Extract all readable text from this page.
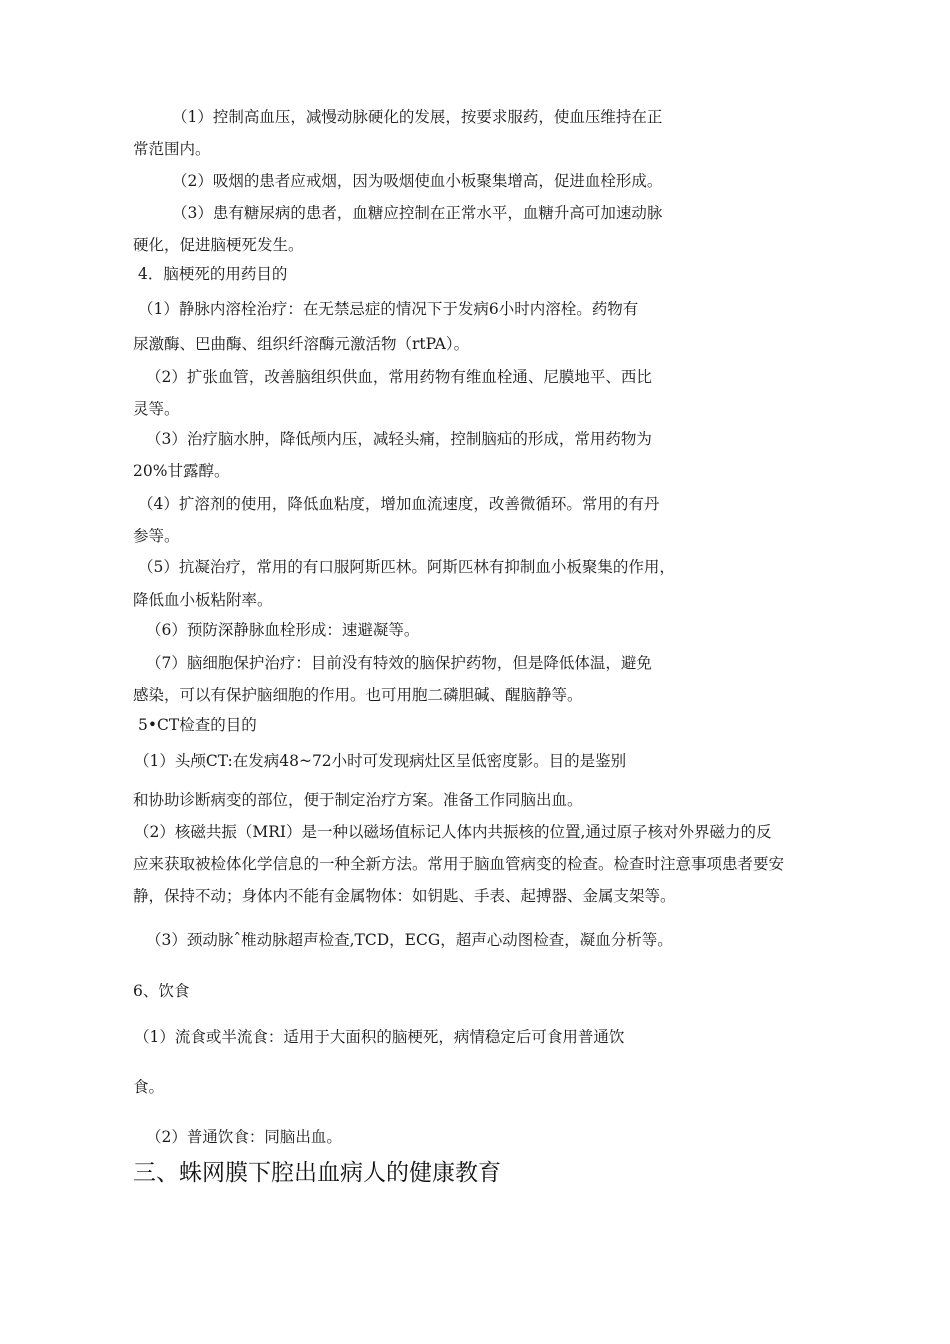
（1）控制高血压，减慢动脉硬化的发展，按要求服药，使血压维持在正
常范围内。
（2）吸烟的患者应戒烟，因为吸烟使血小板聚集增高，促进血栓形成。
（3）患有糖尿病的患者，血糖应控制在正常水平，血糖升高可加速动脉
硬化，促进脑梗死发生。
4．脑梗死的用药目的
（1）静脉内溶栓治疗：在无禁忌症的情况下于发病6小时内溶栓。药物有
尿激酶、巴曲酶、组织纤溶酶元激活物（rtPA）。
（2）扩张血管，改善脑组织供血，常用药物有维血栓通、尼膜地平、西比
灵等。
（3）治疗脑水肿，降低颅内压，减轻头痛，控制脑疝的形成，常用药物为
20%甘露醇。
（4）扩溶剂的使用，降低血粘度，增加血流速度，改善微循环。常用的有丹
参等。
（5）抗凝治疗，常用的有口服阿斯匹林。阿斯匹林有抑制血小板聚集的作用，
降低血小板粘附率。
（6）预防深静脉血栓形成：速避凝等。
（7）脑细胞保护治疗：目前没有特效的脑保护药物，但是降低体温，避免
感染，可以有保护脑细胞的作用。也可用胞二磷胆碱、醒脑静等。
5•CT检查的目的
（1）头颅CT:在发病48~72小时可发现病灶区呈低密度影。目的是鉴别
和协助诊断病变的部位，便于制定治疗方案。准备工作同脑出血。
（2）核磁共振（MRI）是一种以磁场值标记人体内共振核的位置,通过原子核对外界磁力的反
应来获取被检体化学信息的一种全新方法。常用于脑血管病变的检查。检查时注意事项患者要安
静，保持不动；身体内不能有金属物体：如钥匙、手表、起搏器、金属支架等。
（3）颈动脉ˆ椎动脉超声检查,TCD，ECG，超声心动图检查，凝血分析等。
6、饮食
（1）流食或半流食：适用于大面积的脑梗死，病情稳定后可食用普通饮
食。
（2）普通饮食：同脑出血。
三、蛛网膜下腔出血病人的健康教育
